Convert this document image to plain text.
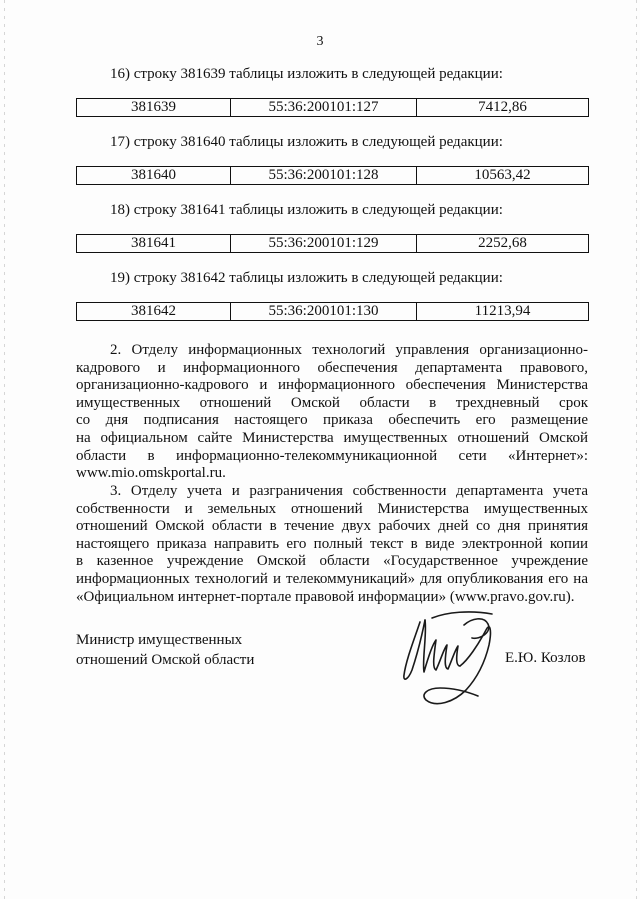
3
16) строку 381639 таблицы изложить в следующей редакции:
381639	55:36:200101:127	7412,86
17) строку 381640 таблицы изложить в следующей редакции:
381640	55:36:200101:128	10563,42
18) строку 381641 таблицы изложить в следующей редакции:
381641	55:36:200101:129	2252,68
19) строку 381642 таблицы изложить в следующей редакции:
381642	55:36:200101:130	11213,94
2. Отделу информационных технологий управления организационно-
кадрового и информационного обеспечения департамента правового,
организационно-кадрового и информационного обеспечения Министерства
имущественных отношений Омской области в трехдневный срок
со дня подписания настоящего приказа обеспечить его размещение
на официальном сайте Министерства имущественных отношений Омской
области в информационно-телекоммуникационной сети «Интернет»:
www.mio.omskportal.ru.
3. Отделу учета и разграничения собственности департамента учета
собственности и земельных отношений Министерства имущественных
отношений Омской области в течение двух рабочих дней со дня принятия
настоящего приказа направить его полный текст в виде электронной копии
в казенное учреждение Омской области «Государственное учреждение
информационных технологий и телекоммуникаций» для опубликования его на
«Официальном интернет-портале правовой информации» (www.pravo.gov.ru).
Министр имущественных
отношений Омской области	Е.Ю. Козлов
